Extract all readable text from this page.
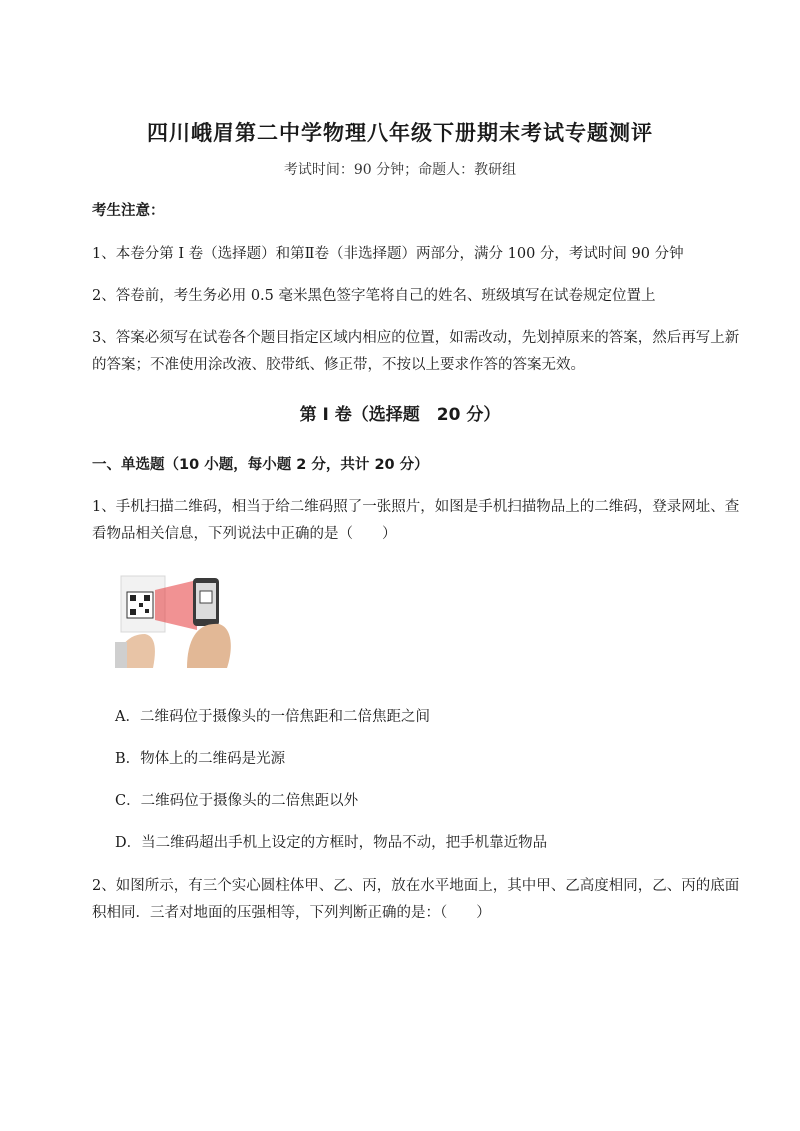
四川峨眉第二中学物理八年级下册期末考试专题测评
考试时间：90 分钟；命题人：教研组
考生注意：
1、本卷分第 I 卷（选择题）和第Ⅱ卷（非选择题）两部分，满分 100 分，考试时间 90 分钟
2、答卷前，考生务必用 0.5 毫米黑色签字笔将自己的姓名、班级填写在试卷规定位置上
3、答案必须写在试卷各个题目指定区域内相应的位置，如需改动，先划掉原来的答案，然后再写上新的答案；不准使用涂改液、胶带纸、修正带，不按以上要求作答的答案无效。
第 I 卷（选择题　20 分）
一、单选题（10 小题，每小题 2 分，共计 20 分）
1、手机扫描二维码，相当于给二维码照了一张照片，如图是手机扫描物品上的二维码，登录网址、查看物品相关信息，下列说法中正确的是（　　）
A．二维码位于摄像头的一倍焦距和二倍焦距之间
B．物体上的二维码是光源
C．二维码位于摄像头的二倍焦距以外
D．当二维码超出手机上设定的方框时，物品不动，把手机靠近物品
2、如图所示，有三个实心圆柱体甲、乙、丙，放在水平地面上，其中甲、乙高度相同，乙、丙的底面积相同．三者对地面的压强相等，下列判断正确的是：（　　）
